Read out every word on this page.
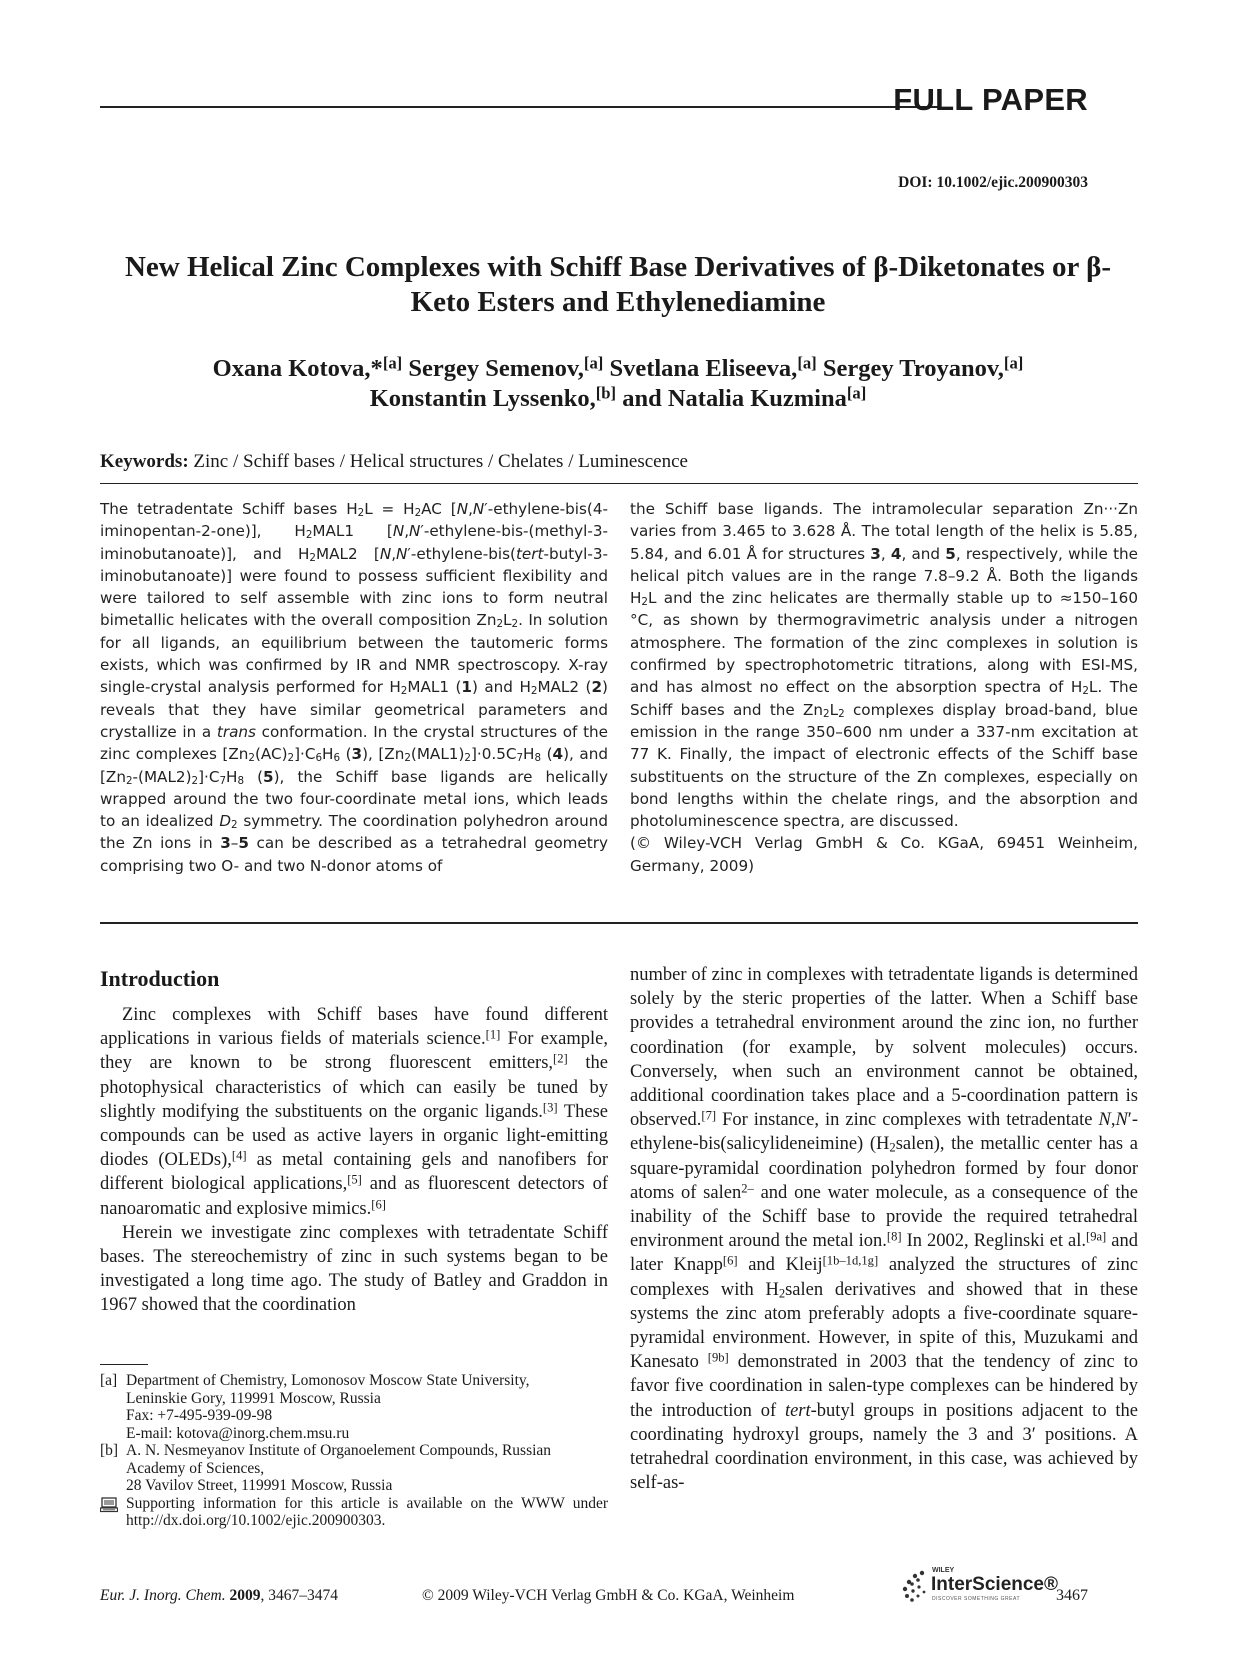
FULL PAPER
DOI: 10.1002/ejic.200900303
New Helical Zinc Complexes with Schiff Base Derivatives of β-Diketonates or β-Keto Esters and Ethylenediamine
Oxana Kotova,*[a] Sergey Semenov,[a] Svetlana Eliseeva,[a] Sergey Troyanov,[a]
Konstantin Lyssenko,[b] and Natalia Kuzmina[a]
Keywords: Zinc / Schiff bases / Helical structures / Chelates / Luminescence
The tetradentate Schiff bases $H_2L = H_2AC$ [N,N′-ethylene-bis(4-iminopentan-2-one)], $H_2MAL1$ [N,N′-ethylene-bis-(methyl-3-iminobutanoate)], and $H_2MAL2$ [N,N′-ethylene-bis(tert-butyl-3-iminobutanoate)] were found to possess sufficient flexibility and were tailored to self assemble with zinc ions to form neutral bimetallic helicates with the overall composition $Zn_2L_2$. In solution for all ligands, an equilibrium between the tautomeric forms exists, which was confirmed by IR and NMR spectroscopy. X-ray single-crystal analysis performed for $H_2MAL1$ (1) and $H_2MAL2$ (2) reveals that they have similar geometrical parameters and crystallize in a trans conformation. In the crystal structures of the zinc complexes $[Zn_2(AC)_2]\cdot C_6H_6$ (3), $[Zn_2(MAL1)_2]\cdot 0.5C_7H_8$ (4), and $[Zn_2-(MAL2)_2]\cdot C_7H_8$ (5), the Schiff base ligands are helically wrapped around the two four-coordinate metal ions, which leads to an idealized $D_2$ symmetry. The coordination polyhedron around the Zn ions in 3–5 can be described as a tetrahedral geometry comprising two O- and two N-donor atoms of
the Schiff base ligands. The intramolecular separation Zn···Zn varies from 3.465 to 3.628 Å. The total length of the helix is 5.85, 5.84, and 6.01 Å for structures 3, 4, and 5, respectively, while the helical pitch values are in the range 7.8–9.2 Å. Both the ligands $H_2L$ and the zinc helicates are thermally stable up to ≈150–160 °C, as shown by thermogravimetric analysis under a nitrogen atmosphere. The formation of the zinc complexes in solution is confirmed by spectrophotometric titrations, along with ESI-MS, and has almost no effect on the absorption spectra of $H_2L$. The Schiff bases and the $Zn_2L_2$ complexes display broad-band, blue emission in the range 350–600 nm under a 337-nm excitation at 77 K. Finally, the impact of electronic effects of the Schiff base substituents on the structure of the Zn complexes, especially on bond lengths within the chelate rings, and the absorption and photoluminescence spectra, are discussed.
(© Wiley-VCH Verlag GmbH & Co. KGaA, 69451 Weinheim, Germany, 2009)
Introduction

Zinc complexes with Schiff bases have found different applications in various fields of materials science.[1] For example, they are known to be strong fluorescent emitters,[2] the photophysical characteristics of which can easily be tuned by slightly modifying the substituents on the organic ligands.[3] These compounds can be used as active layers in organic light-emitting diodes (OLEDs),[4] as metal containing gels and nanofibers for different biological applications,[5] and as fluorescent detectors of nanoaromatic and explosive mimics.[6]

Herein we investigate zinc complexes with tetradentate Schiff bases. The stereochemistry of zinc in such systems began to be investigated a long time ago. The study of Batley and Graddon in 1967 showed that the coordination

number of zinc in complexes with tetradentate ligands is determined solely by the steric properties of the latter. When a Schiff base provides a tetrahedral environment around the zinc ion, no further coordination (for example, by solvent molecules) occurs. Conversely, when such an environment cannot be obtained, additional coordination takes place and a 5-coordination pattern is observed.[7] For instance, in zinc complexes with tetradentate N,N′-ethylene-bis(salicylideneimine) $(H_2salen)$, the metallic center has a square-pyramidal coordination polyhedron formed by four donor atoms of salen$^{2-}$ and one water molecule, as a consequence of the inability of the Schiff base to provide the required tetrahedral environment around the metal ion.[8] In 2002, Reglinski et al.[9a] and later Knapp[6] and Kleij[1b–1d,1g] analyzed the structures of zinc complexes with $H_2salen$ derivatives and showed that in these systems the zinc atom preferably adopts a five-coordinate square-pyramidal environment. However, in spite of this, Muzukami and Kanesato [9b] demonstrated in 2003 that the tendency of zinc to favor five coordination in salen-type complexes can be hindered by the introduction of tert-butyl groups in positions adjacent to the coordinating hydroxyl groups, namely the 3 and 3′ positions. A tetrahedral coordination environment, in this case, was achieved by self-as-

[a] Department of Chemistry, Lomonosov Moscow State University,
Leninskie Gory, 119991 Moscow, Russia
Fax: +7-495-939-09-98
E-mail: kotova@inorg.chem.msu.ru
[b] A. N. Nesmeyanov Institute of Organoelement Compounds, Russian Academy of Sciences,
28 Vavilov Street, 119991 Moscow, Russia
Supporting information for this article is available on the WWW under http://dx.doi.org/10.1002/ejic.200900303.
Eur. J. Inorg. Chem. 2009, 3467–3474	© 2009 Wiley-VCH Verlag GmbH & Co. KGaA, Weinheim
WILEY
InterScience®
DISCOVER SOMETHING GREAT 3467
